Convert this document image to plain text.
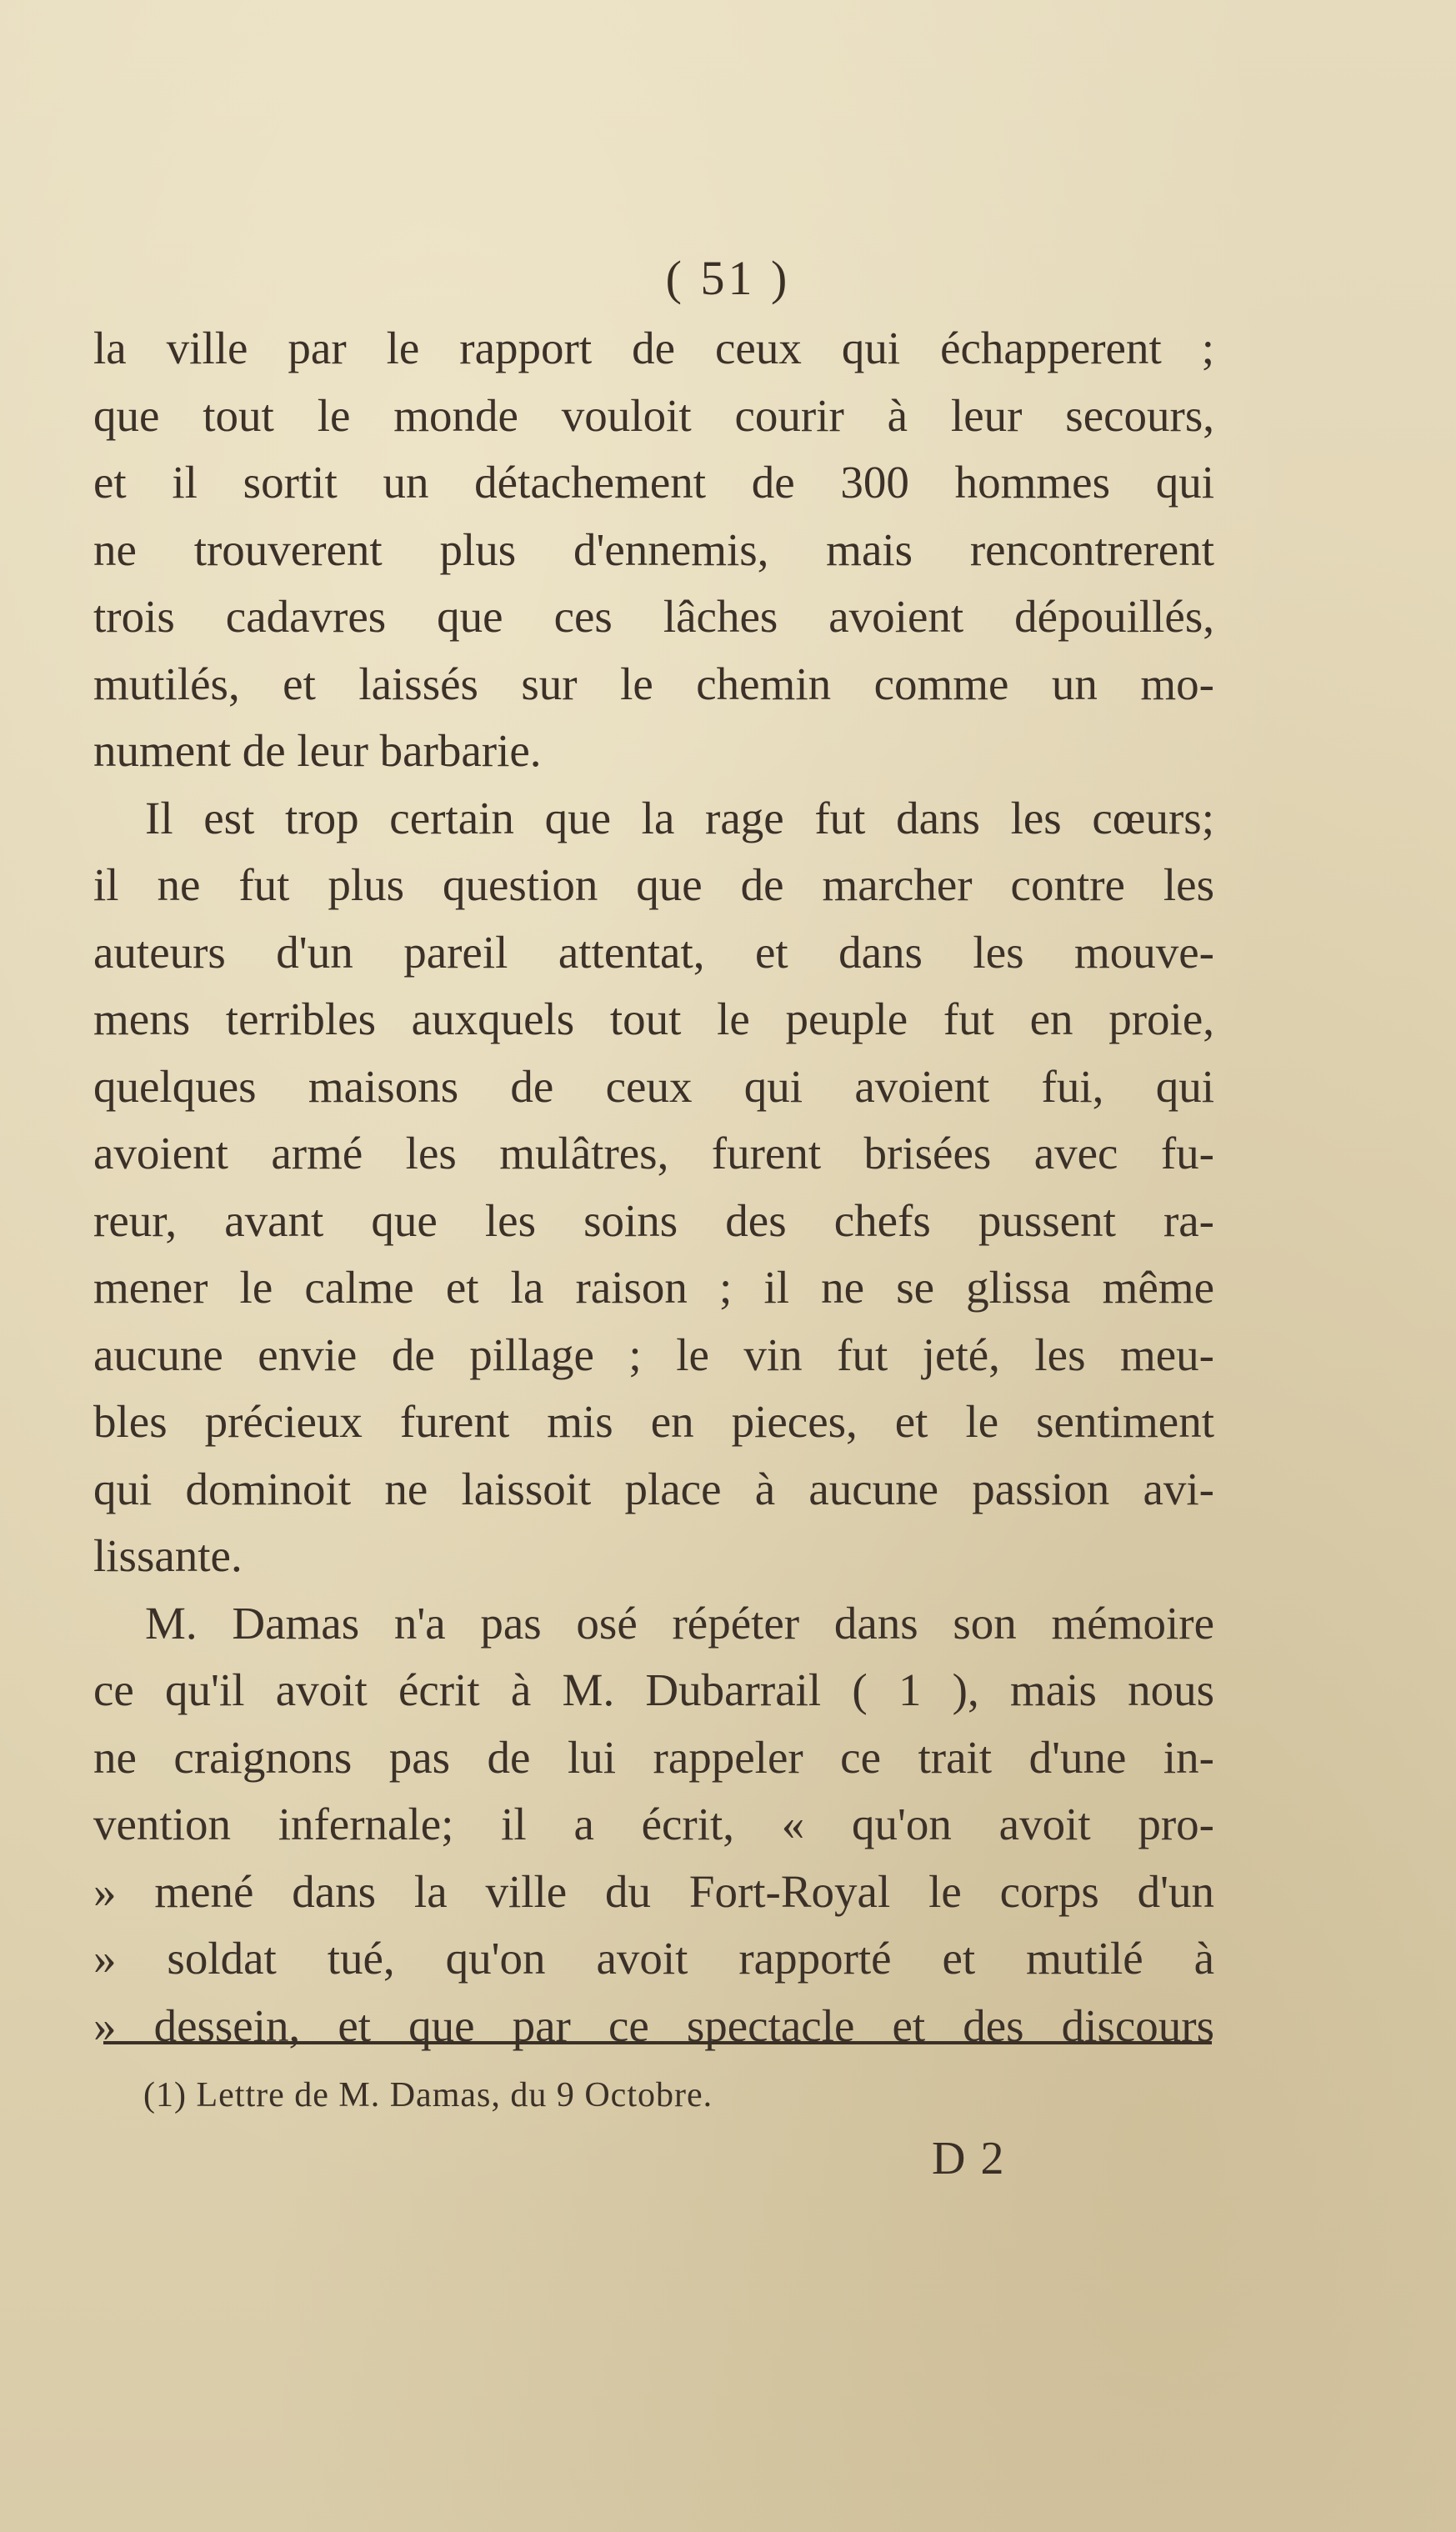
( 51 )
la ville par le rapport de ceux qui échapperent ;
que tout le monde vouloit courir à leur secours,
et il sortit un détachement de 300 hommes qui
ne trouverent plus d'ennemis, mais rencontrerent
trois cadavres que ces lâches avoient dépouillés,
mutilés, et laissés sur le chemin comme un mo-
nument de leur barbarie.
Il est trop certain que la rage fut dans les cœurs;
il ne fut plus question que de marcher contre les
auteurs d'un pareil attentat, et dans les mouve-
mens terribles auxquels tout le peuple fut en proie,
quelques maisons de ceux qui avoient fui, qui
avoient armé les mulâtres, furent brisées avec fu-
reur, avant que les soins des chefs pussent ra-
mener le calme et la raison ; il ne se glissa même
aucune envie de pillage ; le vin fut jeté, les meu-
bles précieux furent mis en pieces, et le sentiment
qui dominoit ne laissoit place à aucune passion avi-
lissante.
M. Damas n'a pas osé répéter dans son mémoire
ce qu'il avoit écrit à M. Dubarrail ( 1 ), mais nous
ne craignons pas de lui rappeler ce trait d'une in-
vention infernale; il a écrit, « qu'on avoit pro-
» mené dans la ville du Fort-Royal le corps d'un
» soldat tué, qu'on avoit rapporté et mutilé à
» dessein, et que par ce spectacle et des discours
(1) Lettre de M. Damas, du 9 Octobre.
D 2
